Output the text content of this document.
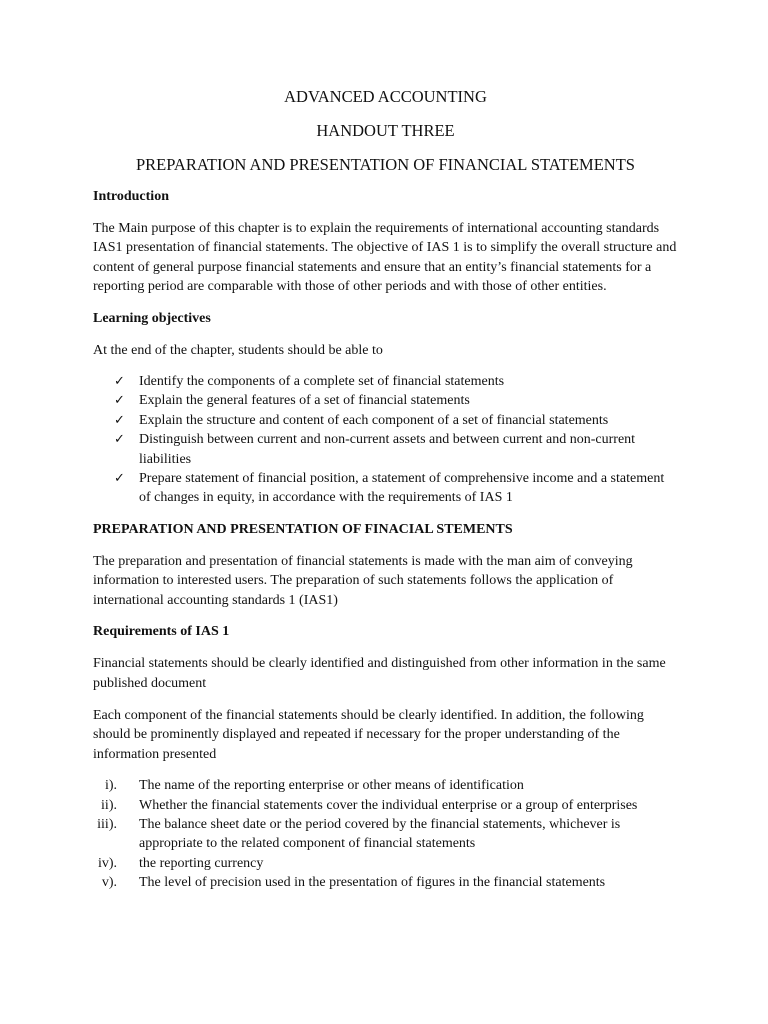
ADVANCED ACCOUNTING
HANDOUT THREE
PREPARATION AND PRESENTATION OF FINANCIAL STATEMENTS
Introduction

The Main purpose of this chapter is to explain the requirements of international accounting standards IAS1 presentation of financial statements. The objective of IAS 1 is to simplify the overall structure and content of general purpose financial statements and ensure that an entity’s financial statements for a reporting period are comparable with those of other periods and with those of other entities.

Learning objectives

At the end of the chapter, students should be able to

✓ Identify the components of a complete set of financial statements
✓ Explain the general features of a set of financial statements
✓ Explain the structure and content of each component of a set of financial statements
✓ Distinguish between current and non-current assets and between current and non-current liabilities
✓ Prepare statement of financial position, a statement of comprehensive income and a statement of changes in equity, in accordance with the requirements of IAS 1
PREPARATION AND PRESENTATION OF FINACIAL STEMENTS

The preparation and presentation of financial statements is made with the man aim of conveying information to interested users. The preparation of such statements follows the application of international accounting standards 1 (IAS1)

Requirements of IAS 1

Financial statements should be clearly identified and distinguished from other information in the same published document

Each component of the financial statements should be clearly identified. In addition, the following should be prominently displayed and repeated if necessary for the proper understanding of the information presented

i). The name of the reporting enterprise or other means of identification
ii). Whether the financial statements cover the individual enterprise or a group of enterprises
iii). The balance sheet date or the period covered by the financial statements, whichever is appropriate to the related component of financial statements
iv). the reporting currency
v). The level of precision used in the presentation of figures in the financial statements
